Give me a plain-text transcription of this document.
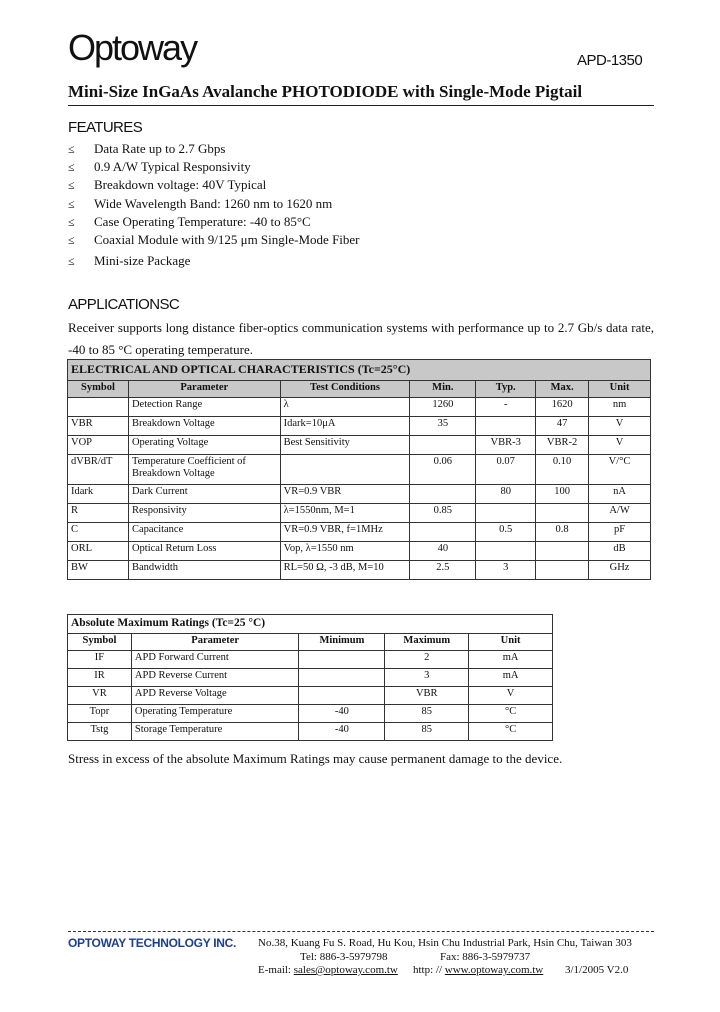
Optoway	APD-1350
Mini-Size InGaAs Avalanche PHOTODIODE with Single-Mode Pigtail
FEATURES
≤ Data Rate up to 2.7 Gbps
≤ 0.9 A/W Typical Responsivity
≤ Breakdown voltage: 40V Typical
≤ Wide Wavelength Band: 1260 nm to 1620 nm
≤ Case Operating Temperature: -40 to 85°C
≤ Coaxial Module with 9/125 μm Single-Mode Fiber
≤ Mini-size Package
APPLICATIONSC
Receiver supports long distance fiber-optics communication systems with performance up to 2.7 Gb/s data rate, -40 to 85 °C operating temperature.
ELECTRICAL AND OPTICAL CHARACTERISTICS (Tc=25°C)						
Symbol	Parameter	Test Conditions	Min.	Typ.	Max.	Unit
	Detection Range	λ	1260	-	1620	nm
VBR	Breakdown Voltage	Idark=10μA	35		47	V
VOP	Operating Voltage	Best Sensitivity		VBR-3	VBR-2	V
dVBR/dT	Temperature Coefficient of Breakdown Voltage		0.06	0.07	0.10	V/°C
Idark	Dark Current	VR=0.9 VBR		80	100	nA
R	Responsivity	λ=1550nm, M=1	0.85			A/W
C	Capacitance	VR=0.9 VBR, f=1MHz		0.5	0.8	pF
ORL	Optical Return Loss	Vop, λ=1550 nm	40			dB
BW	Bandwidth	RL=50 Ω, -3 dB, M=10	2.5	3		GHz
Absolute Maximum Ratings (Tc=25 °C)				
Symbol	Parameter	Minimum	Maximum	Unit
IF	APD Forward Current		2	mA
IR	APD Reverse Current		3	mA
VR	APD Reverse Voltage		VBR	V
Topr	Operating Temperature	-40	85	°C
Tstg	Storage Temperature	-40	85	°C
Stress in excess of the absolute Maximum Ratings may cause permanent damage to the device.
OPTOWAY TECHNOLOGY INC. No.38, Kuang Fu S. Road, Hu Kou, Hsin Chu Industrial Park, Hsin Chu, Taiwan 303
Tel: 886-3-5979798	Fax: 886-3-5979737
E-mail: sales@optoway.com.tw http: // www.optoway.com.tw 3/1/2005 V2.0
